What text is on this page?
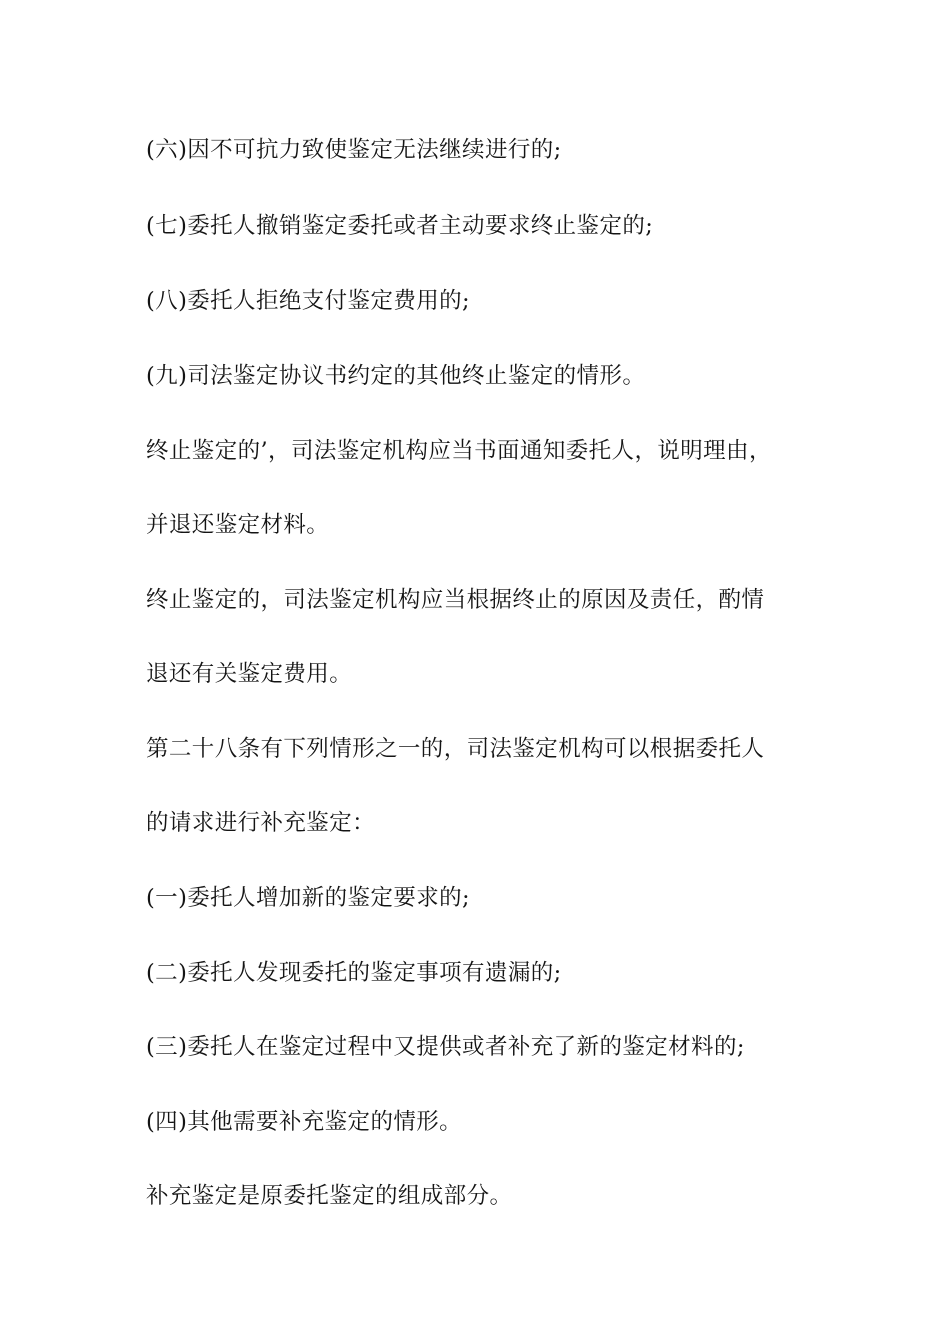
(六)因不可抗力致使鉴定无法继续进行的;

(七)委托人撤销鉴定委托或者主动要求终止鉴定的;

(八)委托人拒绝支付鉴定费用的;

(九)司法鉴定协议书约定的其他终止鉴定的情形。

终止鉴定的’，司法鉴定机构应当书面通知委托人，说明理由，

并退还鉴定材料。

终止鉴定的，司法鉴定机构应当根据终止的原因及责任，酌情

退还有关鉴定费用。

第二十八条有下列情形之一的，司法鉴定机构可以根据委托人

的请求进行补充鉴定：

(一)委托人增加新的鉴定要求的;

(二)委托人发现委托的鉴定事项有遗漏的;

(三)委托人在鉴定过程中又提供或者补充了新的鉴定材料的;

(四)其他需要补充鉴定的情形。

补充鉴定是原委托鉴定的组成部分。
